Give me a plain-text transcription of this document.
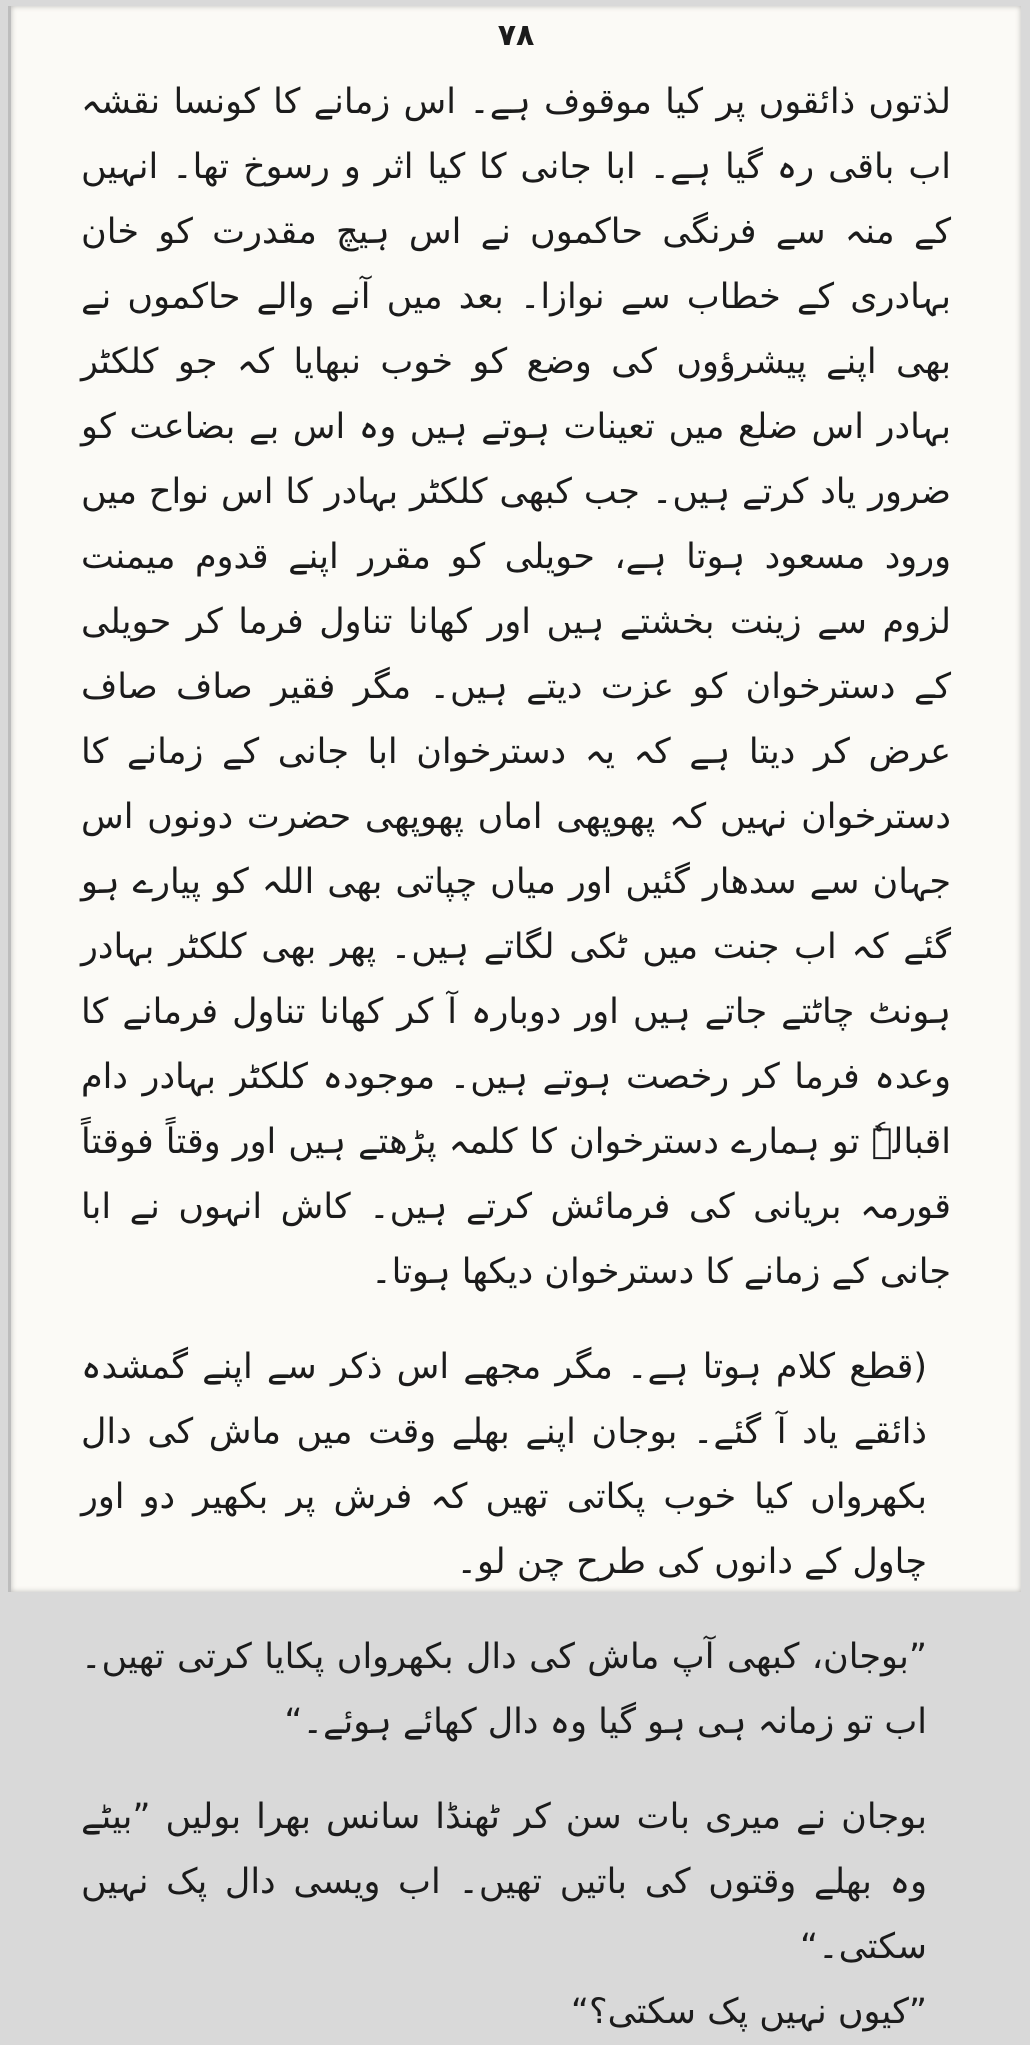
۷۸

لذتوں ذائقوں پر کیا موقوف ہے۔ اس زمانے کا کونسا نقشہ اب باقی رہ گیا ہے۔ ابا جانی کا کیا اثر و رسوخ تھا۔ انہیں کے منہ سے فرنگی حاکموں نے اس ہیچ مقدرت کو خان بہادری کے خطاب سے نوازا۔ بعد میں آنے والے حاکموں نے بھی اپنے پیشرؤوں کی وضع کو خوب نبھایا کہ جو کلکٹر بہادر اس ضلع میں تعینات ہوتے ہیں وہ اس بے بضاعت کو ضرور یاد کرتے ہیں۔ جب کبھی کلکٹر بہادر کا اس نواح میں ورود مسعود ہوتا ہے، حویلی کو مقرر اپنے قدوم میمنت لزوم سے زینت بخشتے ہیں اور کھانا تناول فرما کر حویلی کے دسترخوان کو عزت دیتے ہیں۔ مگر فقیر صاف صاف عرض کر دیتا ہے کہ یہ دسترخوان ابا جانی کے زمانے کا دسترخوان نہیں کہ پھوپھی اماں پھوپھی حضرت دونوں اس جہان سے سدھار گئیں اور میاں چپاتی بھی اللہ کو پیارے ہو گئے کہ اب جنت میں ٹکی لگاتے ہیں۔ پھر بھی کلکٹر بہادر ہونٹ چاٹتے جاتے ہیں اور دوبارہ آ کر کھانا تناول فرمانے کا وعدہ فرما کر رخصت ہوتے ہیں۔ موجودہ کلکٹر بہادر دام اقبالہٗ تو ہمارے دسترخوان کا کلمہ پڑھتے ہیں اور وقتاً فوقتاً قورمہ بریانی کی فرمائش کرتے ہیں۔ کاش انہوں نے ابا جانی کے زمانے کا دسترخوان دیکھا ہوتا۔

(قطع کلام ہوتا ہے۔ مگر مجھے اس ذکر سے اپنے گمشدہ ذائقے یاد آ گئے۔ بوجان اپنے بھلے وقت میں ماش کی دال بکھرواں کیا خوب پکاتی تھیں کہ فرش پر بکھیر دو اور چاول کے دانوں کی طرح چن لو۔

”بوجان، کبھی آپ ماش کی دال بکھرواں پکایا کرتی تھیں۔ اب تو زمانہ ہی ہو گیا وہ دال کھائے ہوئے۔“

بوجان نے میری بات سن کر ٹھنڈا سانس بھرا بولیں ”بیٹے وہ بھلے وقتوں کی باتیں تھیں۔ اب ویسی دال پک نہیں سکتی۔“

”کیوں نہیں پک سکتی؟“
